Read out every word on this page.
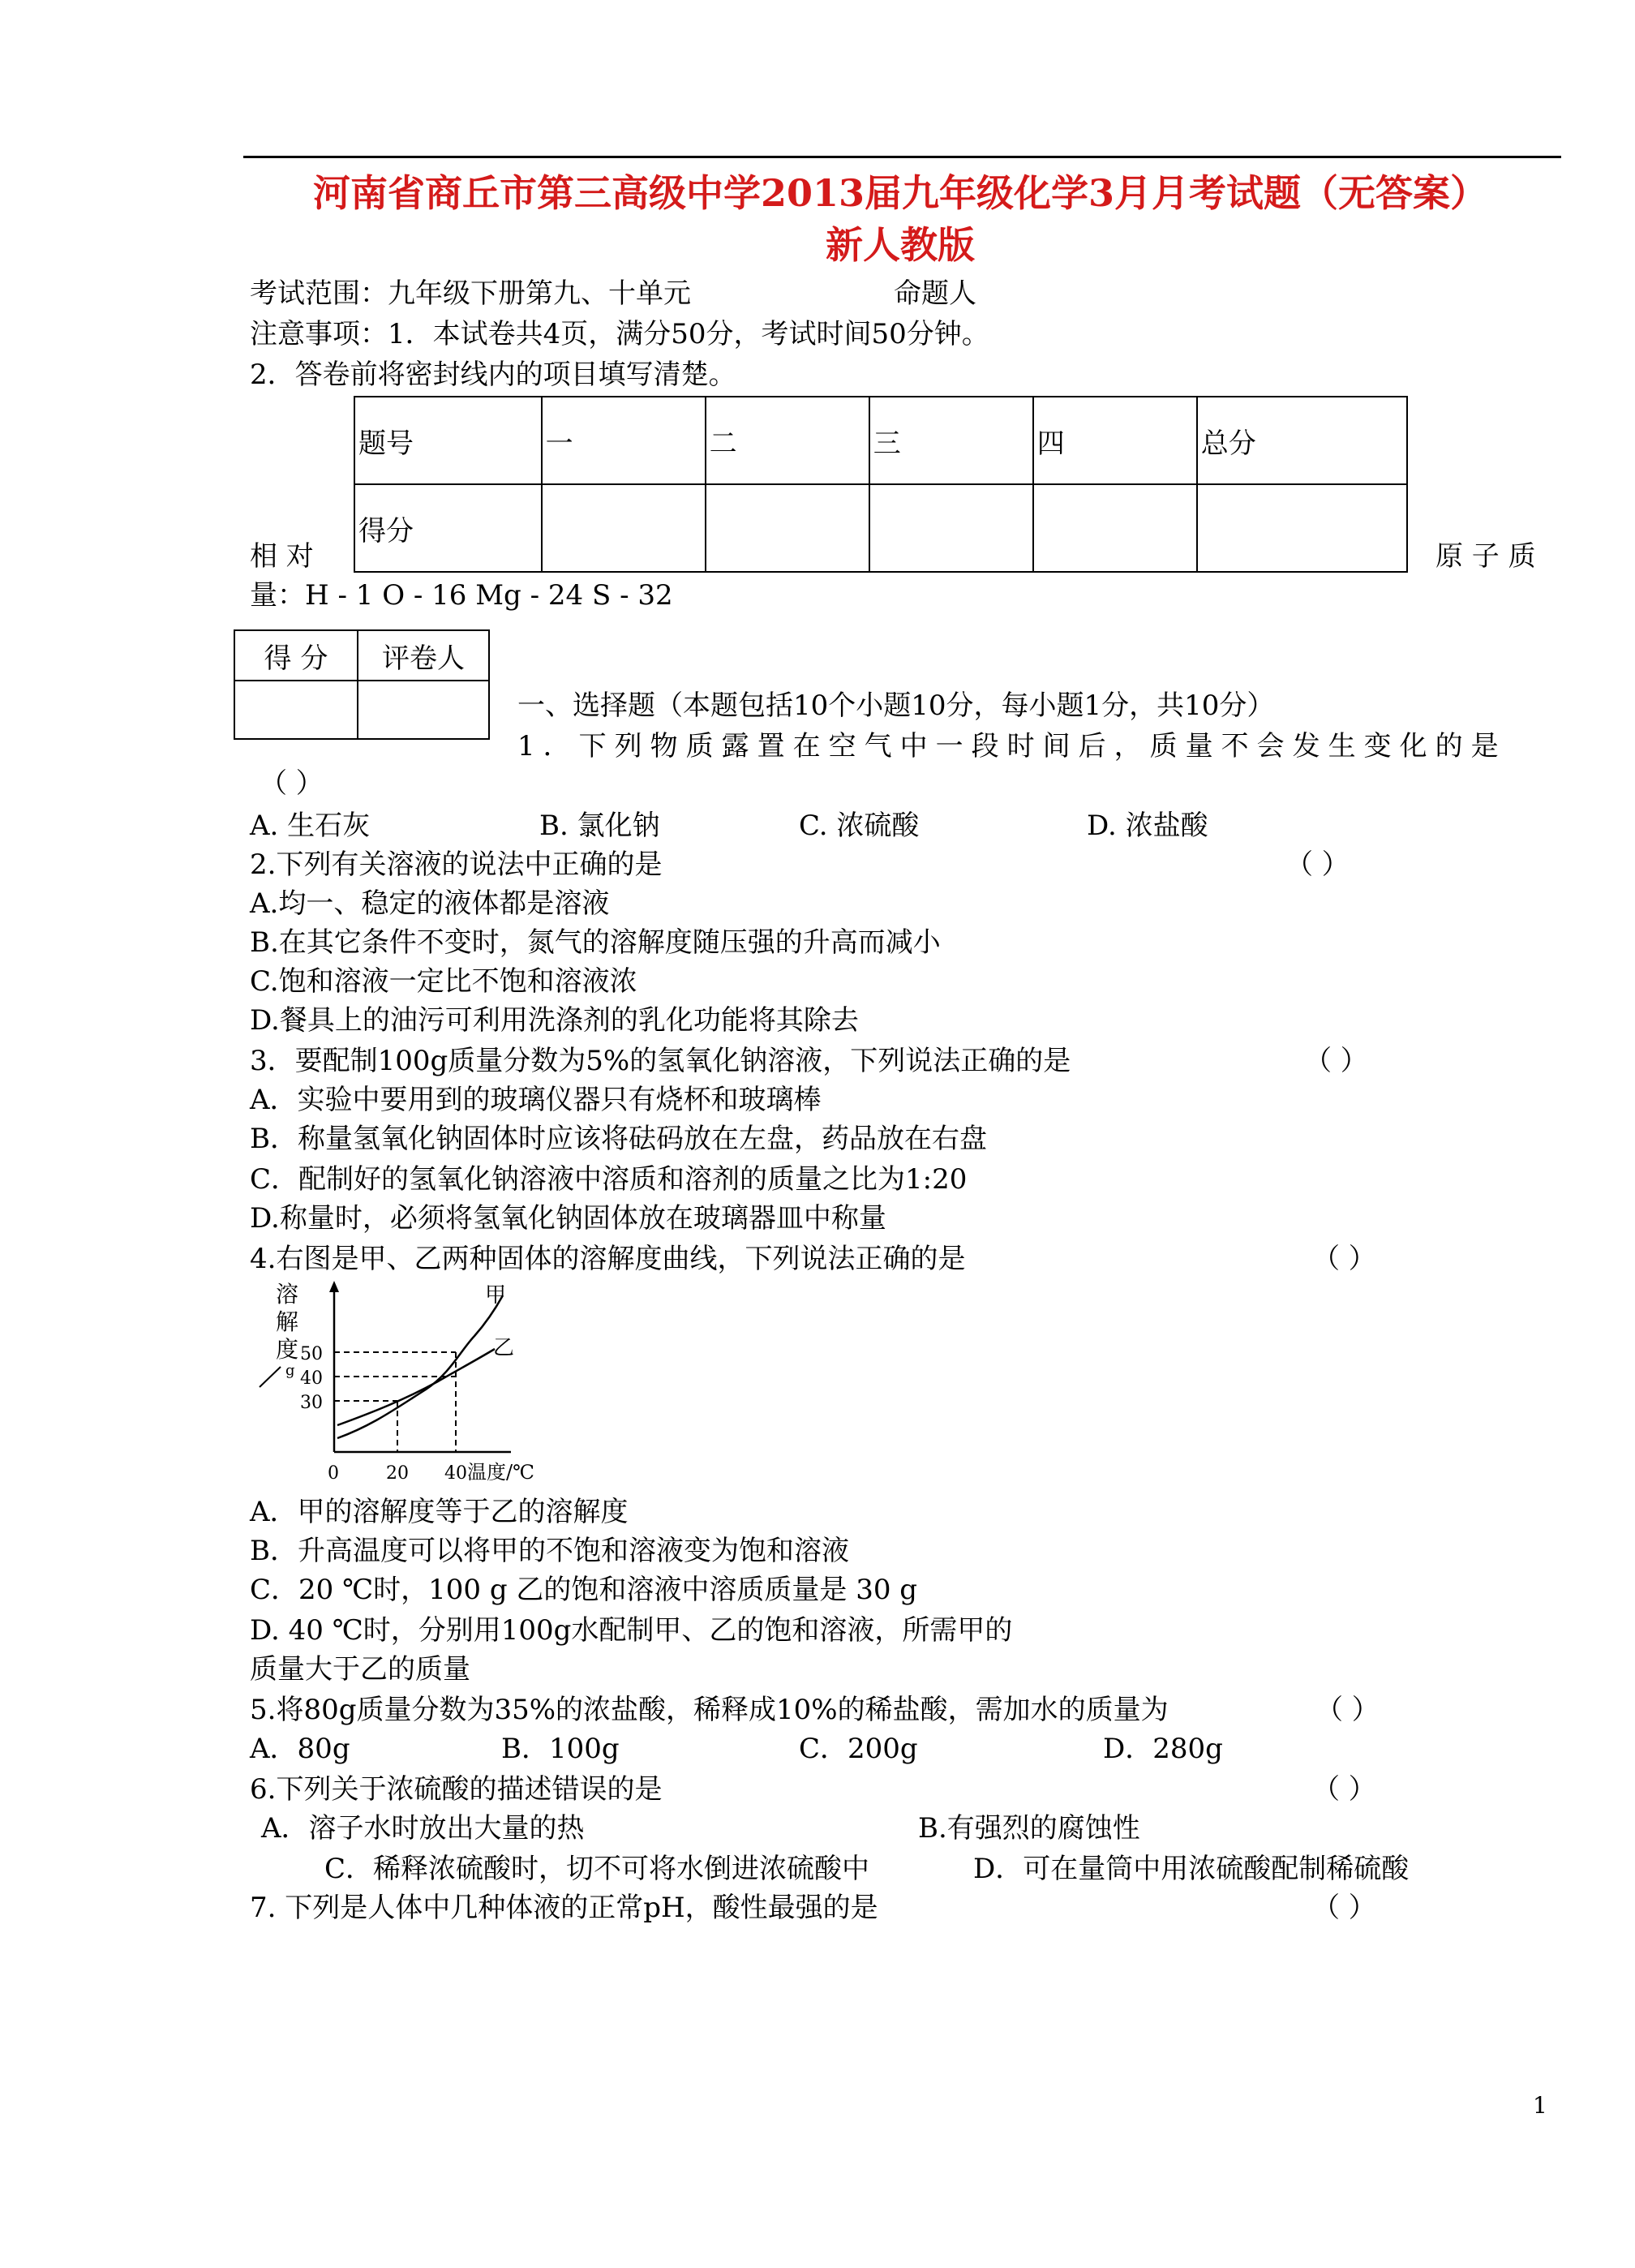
河南省商丘市第三高级中学2013届九年级化学3月月考试题（无答案）
新人教版
考试范围：九年级下册第九、十单元	命题人
注意事项：1．本试卷共4页，满分50分，考试时间50分钟。
2．答卷前将密封线内的项目填写清楚。
题号	一	二	三	四	总分
得分					
相 对	原 子 质
量：H - 1 O - 16 Mg - 24 S - 32
得 分	评卷人

一、选择题（本题包括10个小题10分，每小题1分，共10分）
1．下列物质露置在空气中一段时间后，质量不会发生变化的是
（ ）
A. 生石灰	B. 氯化钠	C. 浓硫酸	D. 浓盐酸
2.下列有关溶液的说法中正确的是	（ ）
A.均一、稳定的液体都是溶液
B.在其它条件不变时，氮气的溶解度随压强的升高而减小
C.饱和溶液一定比不饱和溶液浓
D.餐具上的油污可利用洗涤剂的乳化功能将其除去
3．要配制100g质量分数为5%的氢氧化钠溶液，下列说法正确的是	（ ）
A．实验中要用到的玻璃仪器只有烧杯和玻璃棒
B．称量氢氧化钠固体时应该将砝码放在左盘，药品放在右盘
C．配制好的氢氧化钠溶液中溶质和溶剂的质量之比为1:20
D.称量时，必须将氢氧化钠固体放在玻璃器皿中称量
4.右图是甲、乙两种固体的溶解度曲线，下列说法正确的是	（ ）
溶
解
度
g
50
40
30
0	20 40 温度/℃
甲
乙
A．甲的溶解度等于乙的溶解度
B．升高温度可以将甲的不饱和溶液变为饱和溶液
C．20 ℃时，100 g 乙的饱和溶液中溶质质量是 30 g
D. 40 ℃时，分别用100g水配制甲、乙的饱和溶液，所需甲的
质量大于乙的质量
5.将80g质量分数为35%的浓盐酸，稀释成10%的稀盐酸，需加水的质量为	（ ）
A．80g	B．100g	C．200g	D．280g
6.下列关于浓硫酸的描述错误的是	（ ）
A．溶子水时放出大量的热	B.有强烈的腐蚀性
C．稀释浓硫酸时，切不可将水倒进浓硫酸中	D．可在量筒中用浓硫酸配制稀硫酸
7. 下列是人体中几种体液的正常pH，酸性最强的是	（ ）
1
